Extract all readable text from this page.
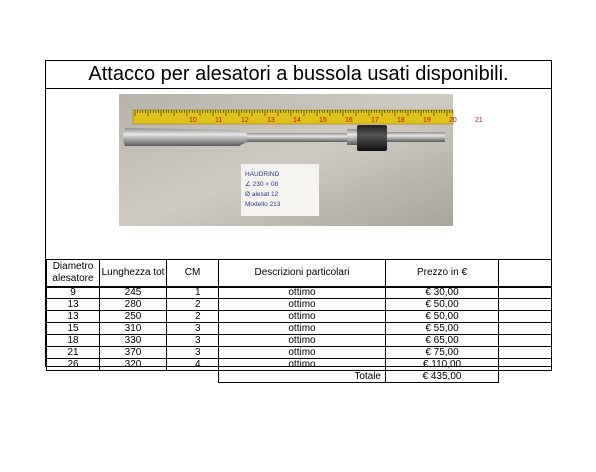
Attacco per alesatori a bussola usati disponibili.
10	11	12	13	14	15	16	17	18	19	20	21
HAUDRIND
∠ 230 × 08
Ø alesat 12
Modello 213
Diametro alesatore	Lunghezza tot	CM	Descrizioni particolari	Prezzo in €	
9	245	1	ottimo	€ 30,00	
13	280	2	ottimo	€ 50,00	
13	250	2	ottimo	€ 50,00	
15	310	3	ottimo	€ 55,00	
18	330	3	ottimo	€ 65,00	
21	370	3	ottimo	€ 75,00	
26	320	4	ottimo	€ 110,00	
			Totale	€ 435,00	
